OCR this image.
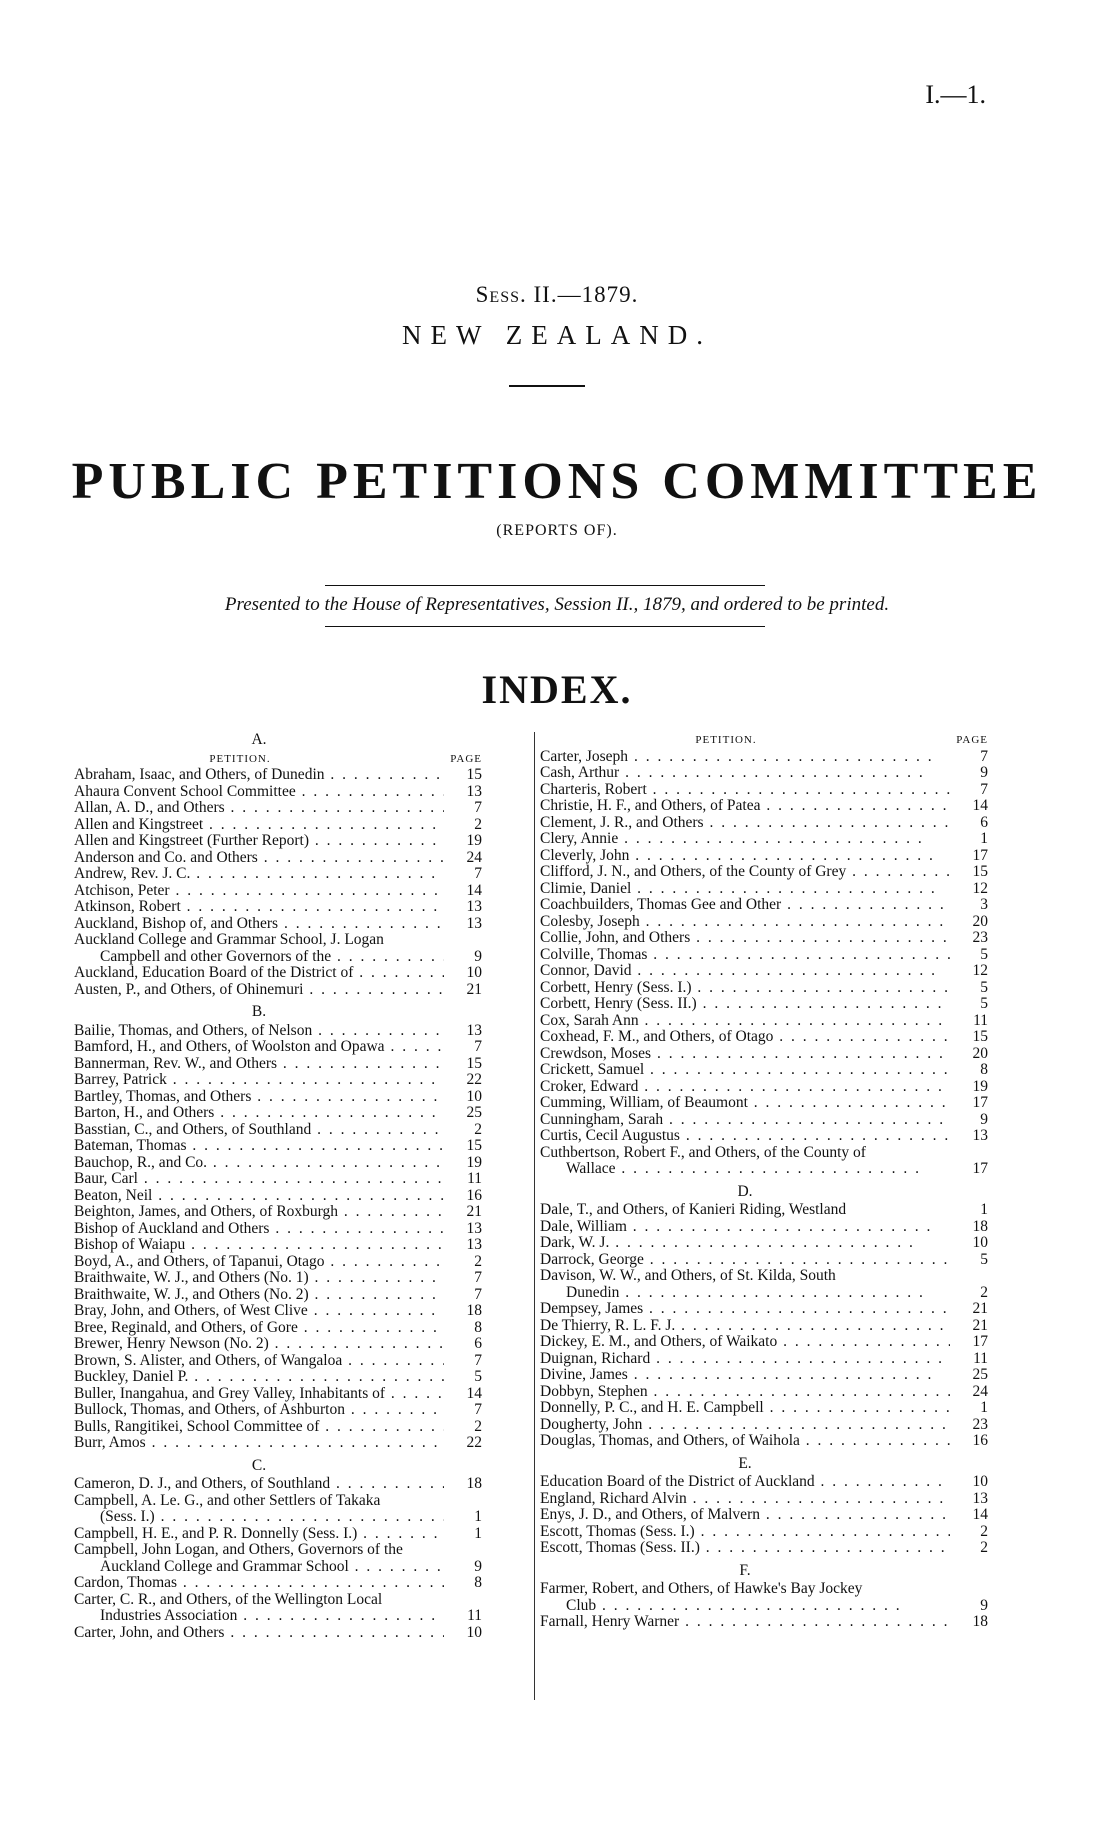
I.—1.
Sess. II.—1879.
NEW ZEALAND.
PUBLIC PETITIONS COMMITTEE
(REPORTS OF).
Presented to the House of Representatives, Session II., 1879, and ordered to be printed.
INDEX.
A.
PETITION.	PAGE
Abraham, Isaac, and Others, of Dunedin . .	15
Ahaura Convent School Committee . .	13
Allan, A. D., and Others . .	7
Allen and Kingstreet . .	2
Allen and Kingstreet (Further Report) . .	19
Anderson and Co. and Others . .	24
Andrew, Rev. J. C. . .	7
Atchison, Peter . .	14
Atkinson, Robert . .	13
Auckland, Bishop of, and Others . .	13
Auckland College and Grammar School, J. Logan
Campbell and other Governors of the . .	9
Auckland, Education Board of the District of . .	10
Austen, P., and Others, of Ohinemuri . .	21
B.
Bailie, Thomas, and Others, of Nelson . .	13
Bamford, H., and Others, of Woolston and Opawa . .	7
Bannerman, Rev. W., and Others . .	15
Barrey, Patrick . .	22
Bartley, Thomas, and Others . .	10
Barton, H., and Others . .	25
Basstian, C., and Others, of Southland . .	2
Bateman, Thomas . .	15
Bauchop, R., and Co. . .	19
Baur, Carl . .	11
Beaton, Neil . .	16
Beighton, James, and Others, of Roxburgh . .	21
Bishop of Auckland and Others . .	13
Bishop of Waiapu . .	13
Boyd, A., and Others, of Tapanui, Otago . .	2
Braithwaite, W. J., and Others (No. 1) . .	7
Braithwaite, W. J., and Others (No. 2) . .	7
Bray, John, and Others, of West Clive . .	18
Bree, Reginald, and Others, of Gore . .	8
Brewer, Henry Newson (No. 2) . .	6
Brown, S. Alister, and Others, of Wangaloa . .	7
Buckley, Daniel P. . .	5
Buller, Inangahua, and Grey Valley, Inhabitants of . .	14
Bullock, Thomas, and Others, of Ashburton . .	7
Bulls, Rangitikei, School Committee of . .	2
Burr, Amos . .	22
C.
Cameron, D. J., and Others, of Southland . .	18
Campbell, A. Le. G., and other Settlers of Takaka
(Sess. I.) . .	1
Campbell, H. E., and P. R. Donnelly (Sess. I.) . .	1
Campbell, John Logan, and Others, Governors of the
Auckland College and Grammar School . .	9
Cardon, Thomas . .	8
Carter, C. R., and Others, of the Wellington Local
Industries Association . .	11
Carter, John, and Others . .	10
PETITION.	PAGE
Carter, Joseph . .	7
Cash, Arthur . .	9
Charteris, Robert . .	7
Christie, H. F., and Others, of Patea . .	14
Clement, J. R., and Others . .	6
Clery, Annie . .	1
Cleverly, John . .	17
Clifford, J. N., and Others, of the County of Grey . .	15
Climie, Daniel . .	12
Coachbuilders, Thomas Gee and Other . .	3
Colesby, Joseph . .	20
Collie, John, and Others . .	23
Colville, Thomas . .	5
Connor, David . .	12
Corbett, Henry (Sess. I.) . .	5
Corbett, Henry (Sess. II.) . .	5
Cox, Sarah Ann . .	11
Coxhead, F. M., and Others, of Otago . .	15
Crewdson, Moses . .	20
Crickett, Samuel . .	8
Croker, Edward . .	19
Cumming, William, of Beaumont . .	17
Cunningham, Sarah . .	9
Curtis, Cecil Augustus . .	13
Cuthbertson, Robert F., and Others, of the County of
Wallace . .	17
D.
Dale, T., and Others, of Kanieri Riding, Westland	1
Dale, William . .	18
Dark, W. J. . .	10
Darrock, George . .	5
Davison, W. W., and Others, of St. Kilda, South
Dunedin . .	2
Dempsey, James . .	21
De Thierry, R. L. F. J. . .	21
Dickey, E. M., and Others, of Waikato . .	17
Duignan, Richard . .	11
Divine, James . .	25
Dobbyn, Stephen . .	24
Donnelly, P. C., and H. E. Campbell . .	1
Dougherty, John . .	23
Douglas, Thomas, and Others, of Waihola . .	16
E.
Education Board of the District of Auckland . .	10
England, Richard Alvin . .	13
Enys, J. D., and Others, of Malvern . .	14
Escott, Thomas (Sess. I.) . .	2
Escott, Thomas (Sess. II.) . .	2
F.
Farmer, Robert, and Others, of Hawke's Bay Jockey
Club . .	9
Farnall, Henry Warner . .	18
